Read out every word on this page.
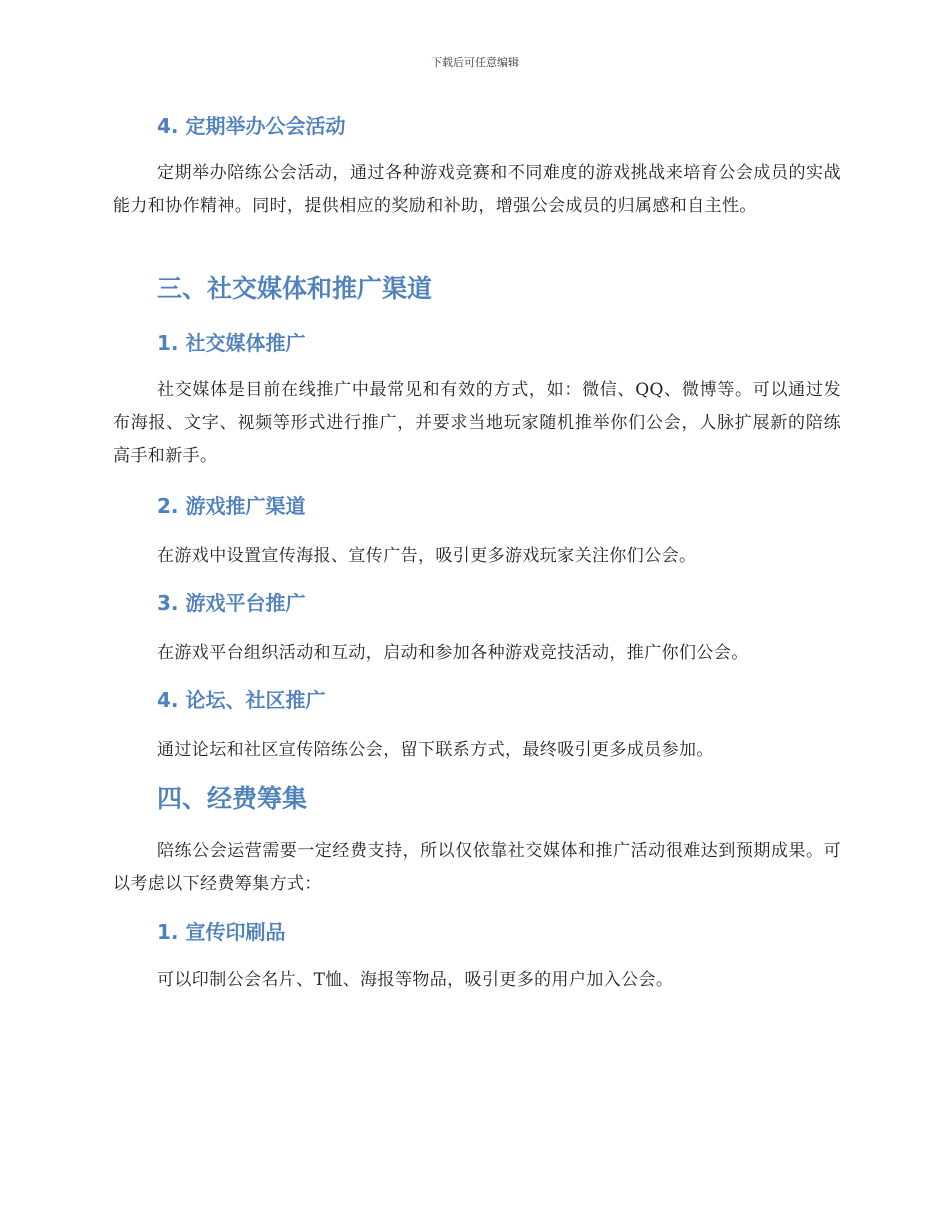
下载后可任意编辑
4. 定期举办公会活动

定期举办陪练公会活动，通过各种游戏竞赛和不同难度的游戏挑战来培育公会成员的实战能力和协作精神。同时，提供相应的奖励和补助，增强公会成员的归属感和自主性。

三、社交媒体和推广渠道
1. 社交媒体推广

社交媒体是目前在线推广中最常见和有效的方式，如：微信、QQ、微博等。可以通过发布海报、文字、视频等形式进行推广，并要求当地玩家随机推举你们公会，人脉扩展新的陪练高手和新手。

2. 游戏推广渠道

在游戏中设置宣传海报、宣传广告，吸引更多游戏玩家关注你们公会。

3. 游戏平台推广

在游戏平台组织活动和互动，启动和参加各种游戏竞技活动，推广你们公会。

4. 论坛、社区推广

通过论坛和社区宣传陪练公会，留下联系方式，最终吸引更多成员参加。

四、经费筹集

陪练公会运营需要一定经费支持，所以仅依靠社交媒体和推广活动很难达到预期成果。可以考虑以下经费筹集方式：

1. 宣传印刷品

可以印制公会名片、T恤、海报等物品，吸引更多的用户加入公会。
